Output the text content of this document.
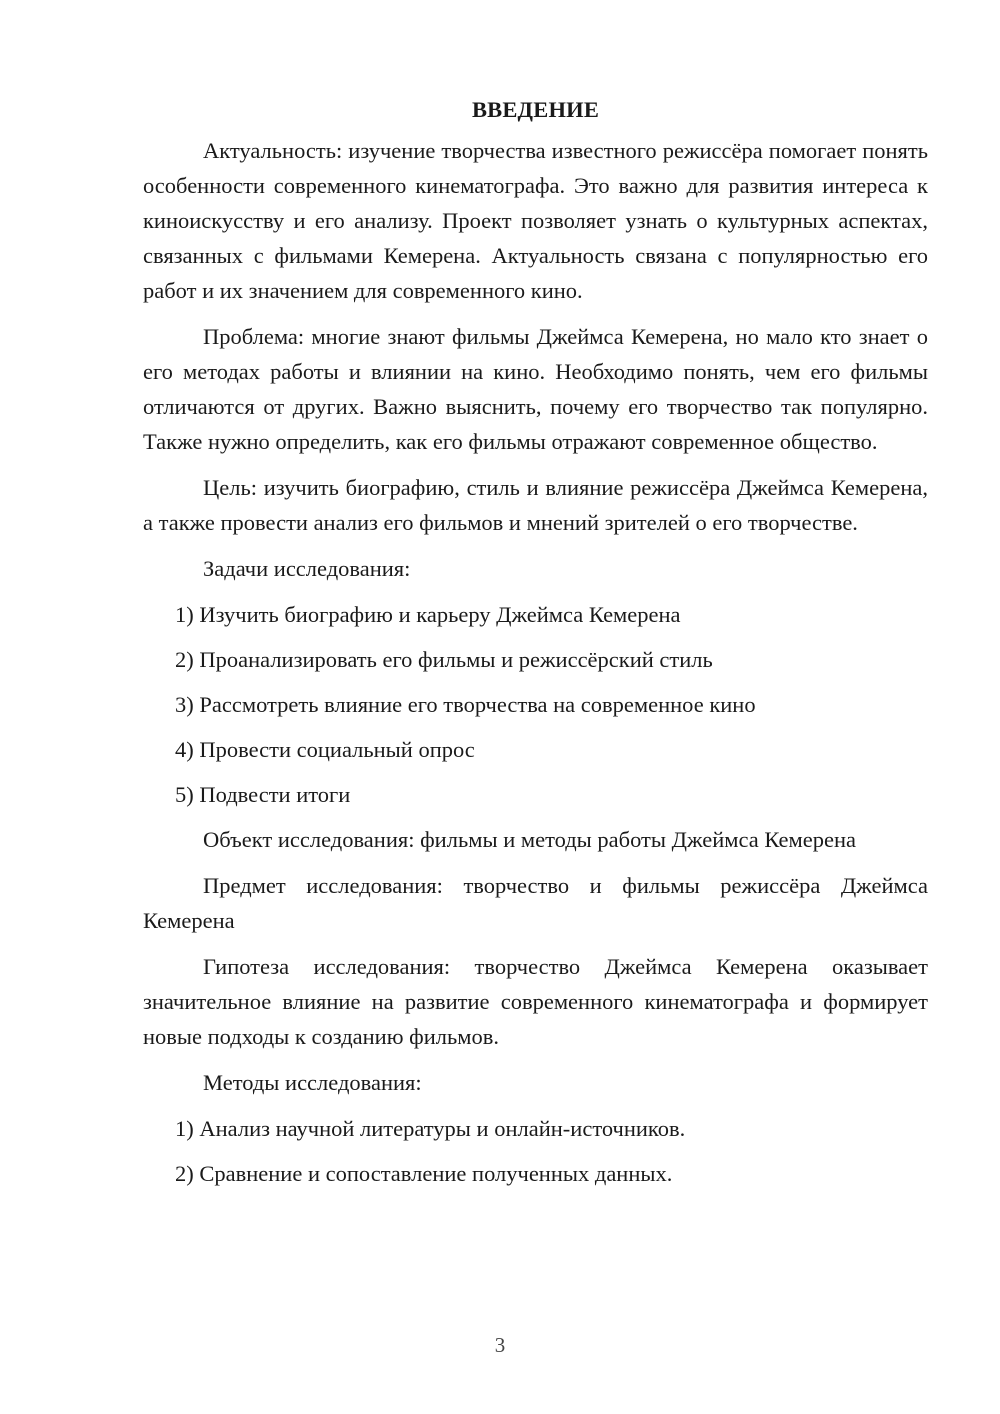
ВВЕДЕНИЕ

Актуальность: изучение творчества известного режиссёра помогает понять особенности современного кинематографа. Это важно для развития интереса к киноискусству и его анализу. Проект позволяет узнать о культурных аспектах, связанных с фильмами Кемерена. Актуальность связана с популярностью его работ и их значением для современного кино.

Проблема: многие знают фильмы Джеймса Кемерена, но мало кто знает о его методах работы и влиянии на кино. Необходимо понять, чем его фильмы отличаются от других. Важно выяснить, почему его творчество так популярно. Также нужно определить, как его фильмы отражают современное общество.

Цель: изучить биографию, стиль и влияние режиссёра Джеймса Кемерена, а также провести анализ его фильмов и мнений зрителей о его творчестве.

Задачи исследования:

1) Изучить биографию и карьеру Джеймса Кемерена

2) Проанализировать его фильмы и режиссёрский стиль

3) Рассмотреть влияние его творчества на современное кино

4) Провести социальный опрос

5) Подвести итоги

Объект исследования: фильмы и методы работы Джеймса Кемерена

Предмет исследования: творчество и фильмы режиссёра Джеймса Кемерена

Гипотеза исследования: творчество Джеймса Кемерена оказывает значительное влияние на развитие современного кинематографа и формирует новые подходы к созданию фильмов.

Методы исследования:

1) Анализ научной литературы и онлайн-источников.

2) Сравнение и сопоставление полученных данных.

3
